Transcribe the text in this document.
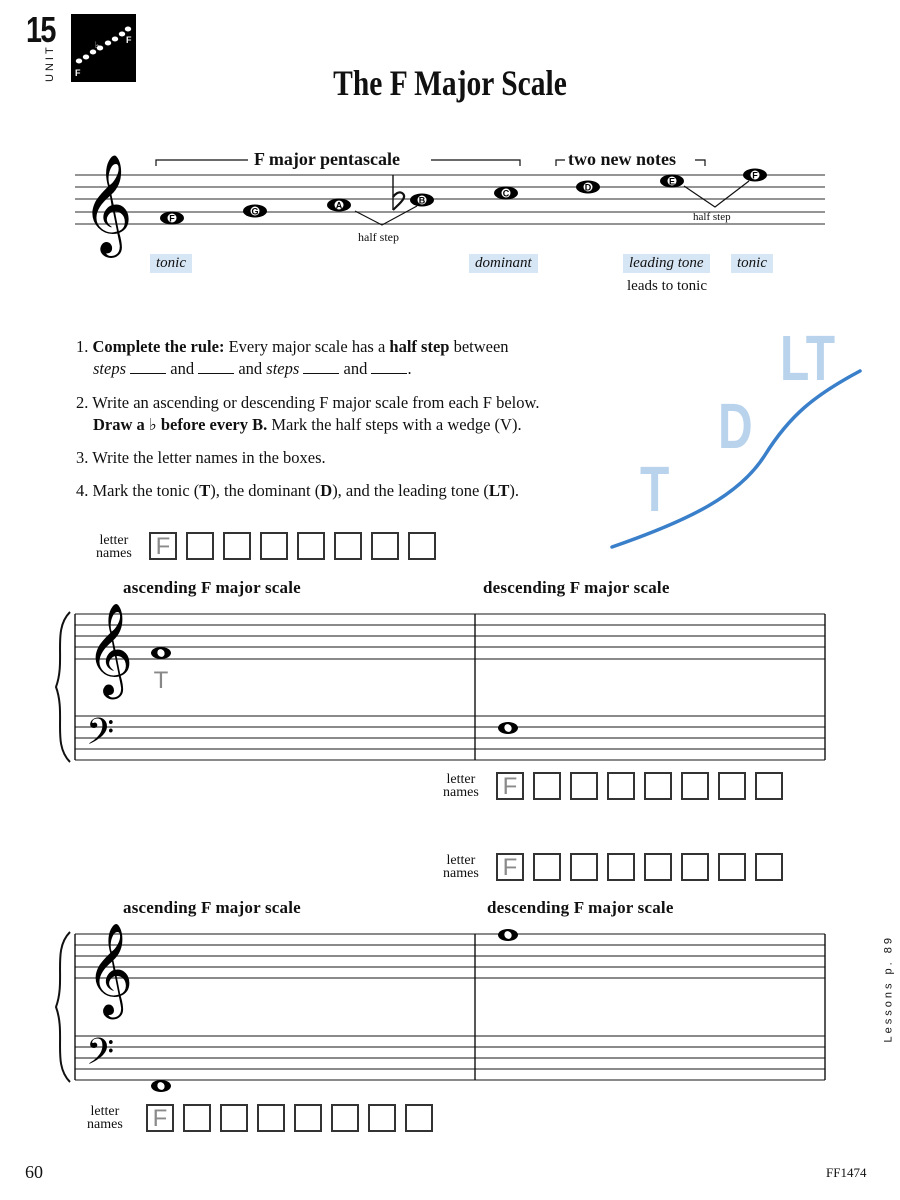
15
UNIT	♭
F
F
The F Major Scale
𝄞	F
G
A	B
C
D
E
F
F major pentascale	two new notes
half step
half step
tonic	dominant	leading tone	tonic
leads to tonic
1. Complete the rule: Every major scale has a half step between
steps	and	and steps	and .
2. Write an ascending or descending F major scale from each F below.
Draw a ♭ before every B. Mark the half steps with a wedge (V).
3. Write the letter names in the boxes.
4. Mark the tonic (T), the dominant (D), and the leading tone (LT). T
D
LT
letter
names F
ascending F major scale	descending F major scale
𝄞
𝄢
T
letter
names F
letter
names F
ascending F major scale	descending F major scale
𝄞
𝄢
letter
names F
Lessons p. 89
60	FF1474
